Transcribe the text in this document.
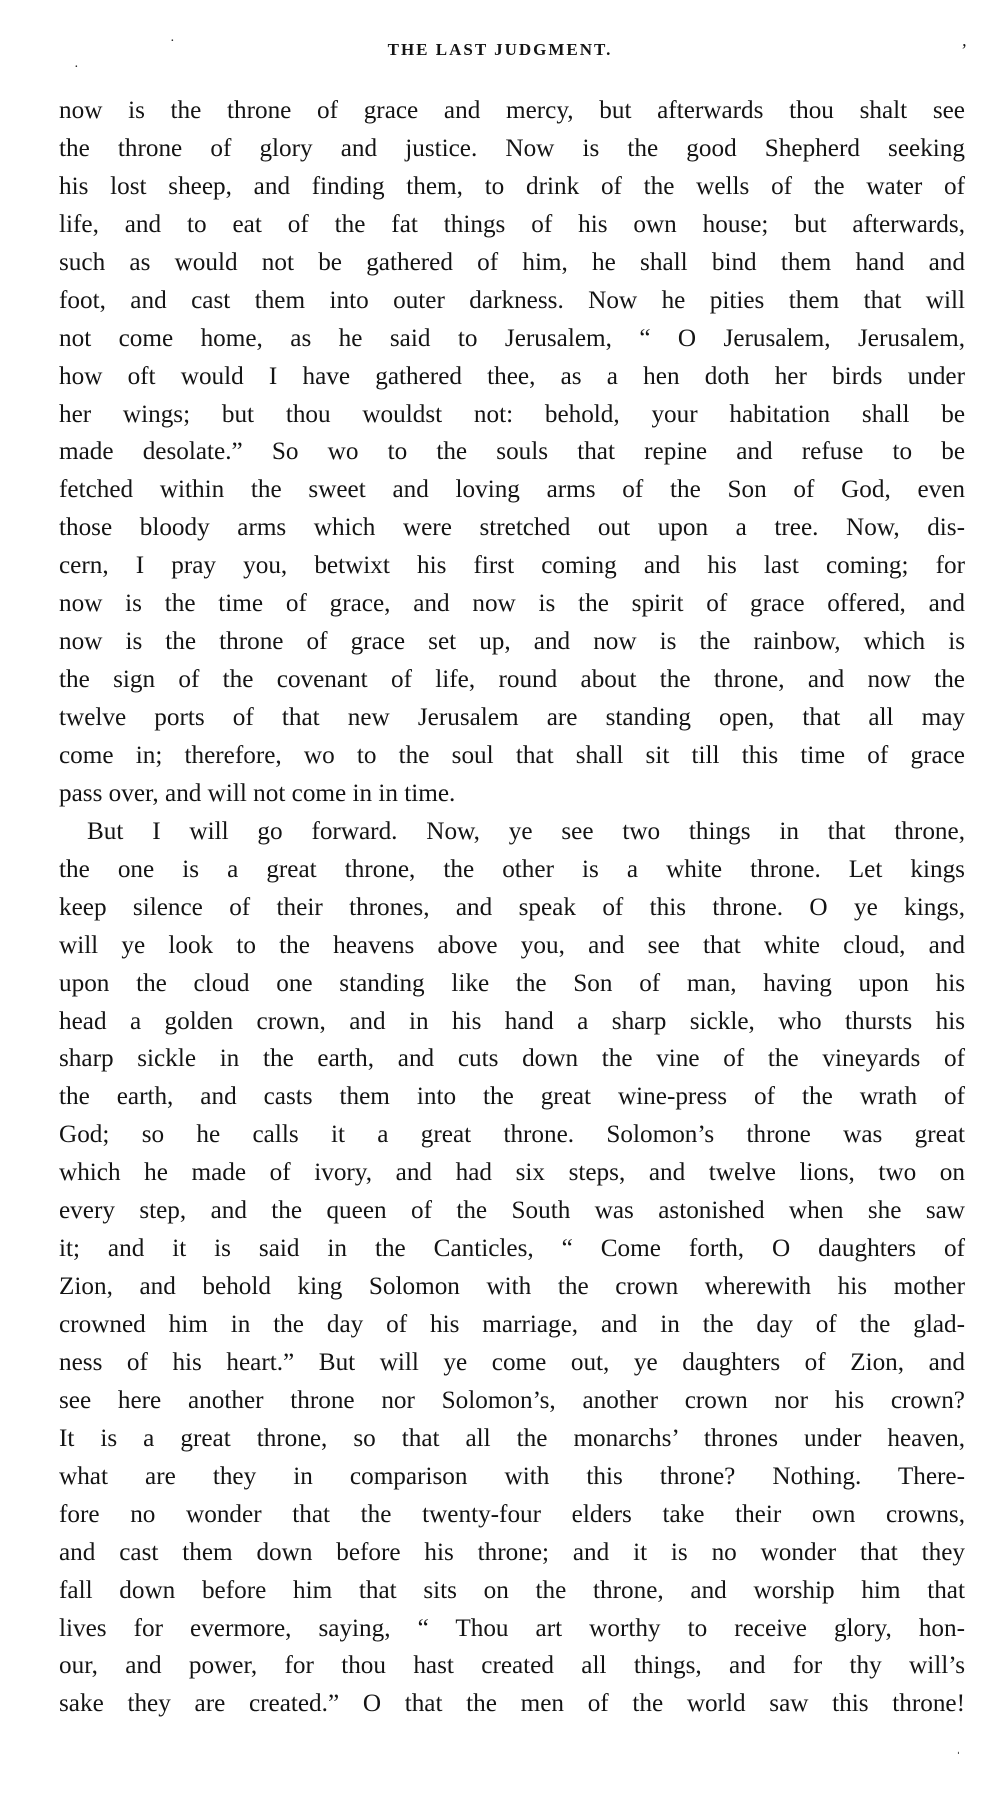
THE LAST JUDGMENT.	’
·
·
ˌ
now is the throne of grace and mercy, but afterwards thou shalt see
the throne of glory and justice. Now is the good Shepherd seeking
his lost sheep, and finding them, to drink of the wells of the water of
life, and to eat of the fat things of his own house; but afterwards,
such as would not be gathered of him, he shall bind them hand and
foot, and cast them into outer darkness. Now he pities them that will
not come home, as he said to Jerusalem, “ O Jerusalem, Jerusalem,
how oft would I have gathered thee, as a hen doth her birds under
her wings; but thou wouldst not: behold, your habitation shall be
made desolate.” So wo to the souls that repine and refuse to be
fetched within the sweet and loving arms of the Son of God, even
those bloody arms which were stretched out upon a tree. Now, dis-
cern, I pray you, betwixt his first coming and his last coming; for
now is the time of grace, and now is the spirit of grace offered, and
now is the throne of grace set up, and now is the rainbow, which is
the sign of the covenant of life, round about the throne, and now the
twelve ports of that new Jerusalem are standing open, that all may
come in; therefore, wo to the soul that shall sit till this time of grace
pass over, and will not come in in time.
But I will go forward. Now, ye see two things in that throne,
the one is a great throne, the other is a white throne. Let kings
keep silence of their thrones, and speak of this throne. O ye kings,
will ye look to the heavens above you, and see that white cloud, and
upon the cloud one standing like the Son of man, having upon his
head a golden crown, and in his hand a sharp sickle, who thursts his
sharp sickle in the earth, and cuts down the vine of the vineyards of
the earth, and casts them into the great wine-press of the wrath of
God; so he calls it a great throne. Solomon’s throne was great
which he made of ivory, and had six steps, and twelve lions, two on
every step, and the queen of the South was astonished when she saw
it; and it is said in the Canticles, “ Come forth, O daughters of
Zion, and behold king Solomon with the crown wherewith his mother
crowned him in the day of his marriage, and in the day of the glad-
ness of his heart.” But will ye come out, ye daughters of Zion, and
see here another throne nor Solomon’s, another crown nor his crown?
It is a great throne, so that all the monarchs’ thrones under heaven,
what are they in comparison with this throne? Nothing. There-
fore no wonder that the twenty-four elders take their own crowns,
and cast them down before his throne; and it is no wonder that they
fall down before him that sits on the throne, and worship him that
lives for evermore, saying, “ Thou art worthy to receive glory, hon-
our, and power, for thou hast created all things, and for thy will’s
sake they are created.” O that the men of the world saw this throne!
